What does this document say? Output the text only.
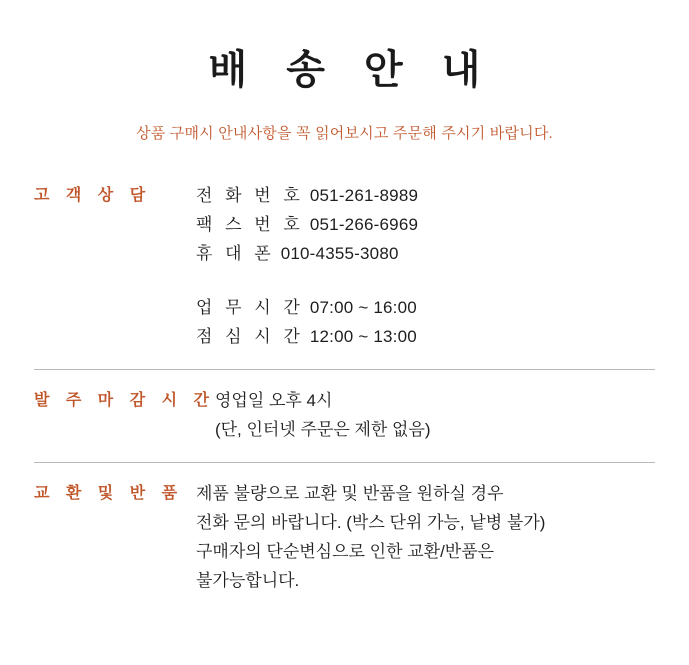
배 송 안 내

상품 구매시 안내사항을 꼭 읽어보시고 주문해 주시기 바랍니다.

고 객 상 담	전 화 번 호 051-261-8989
팩 스 번 호 051-266-6969
휴 대 폰 010-4355-3080
업 무 시 간 07:00 ~ 16:00
점 심 시 간 12:00 ~ 13:00
발 주 마 감 시 간 영업일 오후 4시
(단, 인터넷 주문은 제한 없음)
교 환 및 반 품 제품 불량으로 교환 및 반품을 원하실 경우
전화 문의 바랍니다. (박스 단위 가능, 낱병 불가)
구매자의 단순변심으로 인한 교환/반품은
불가능합니다.
